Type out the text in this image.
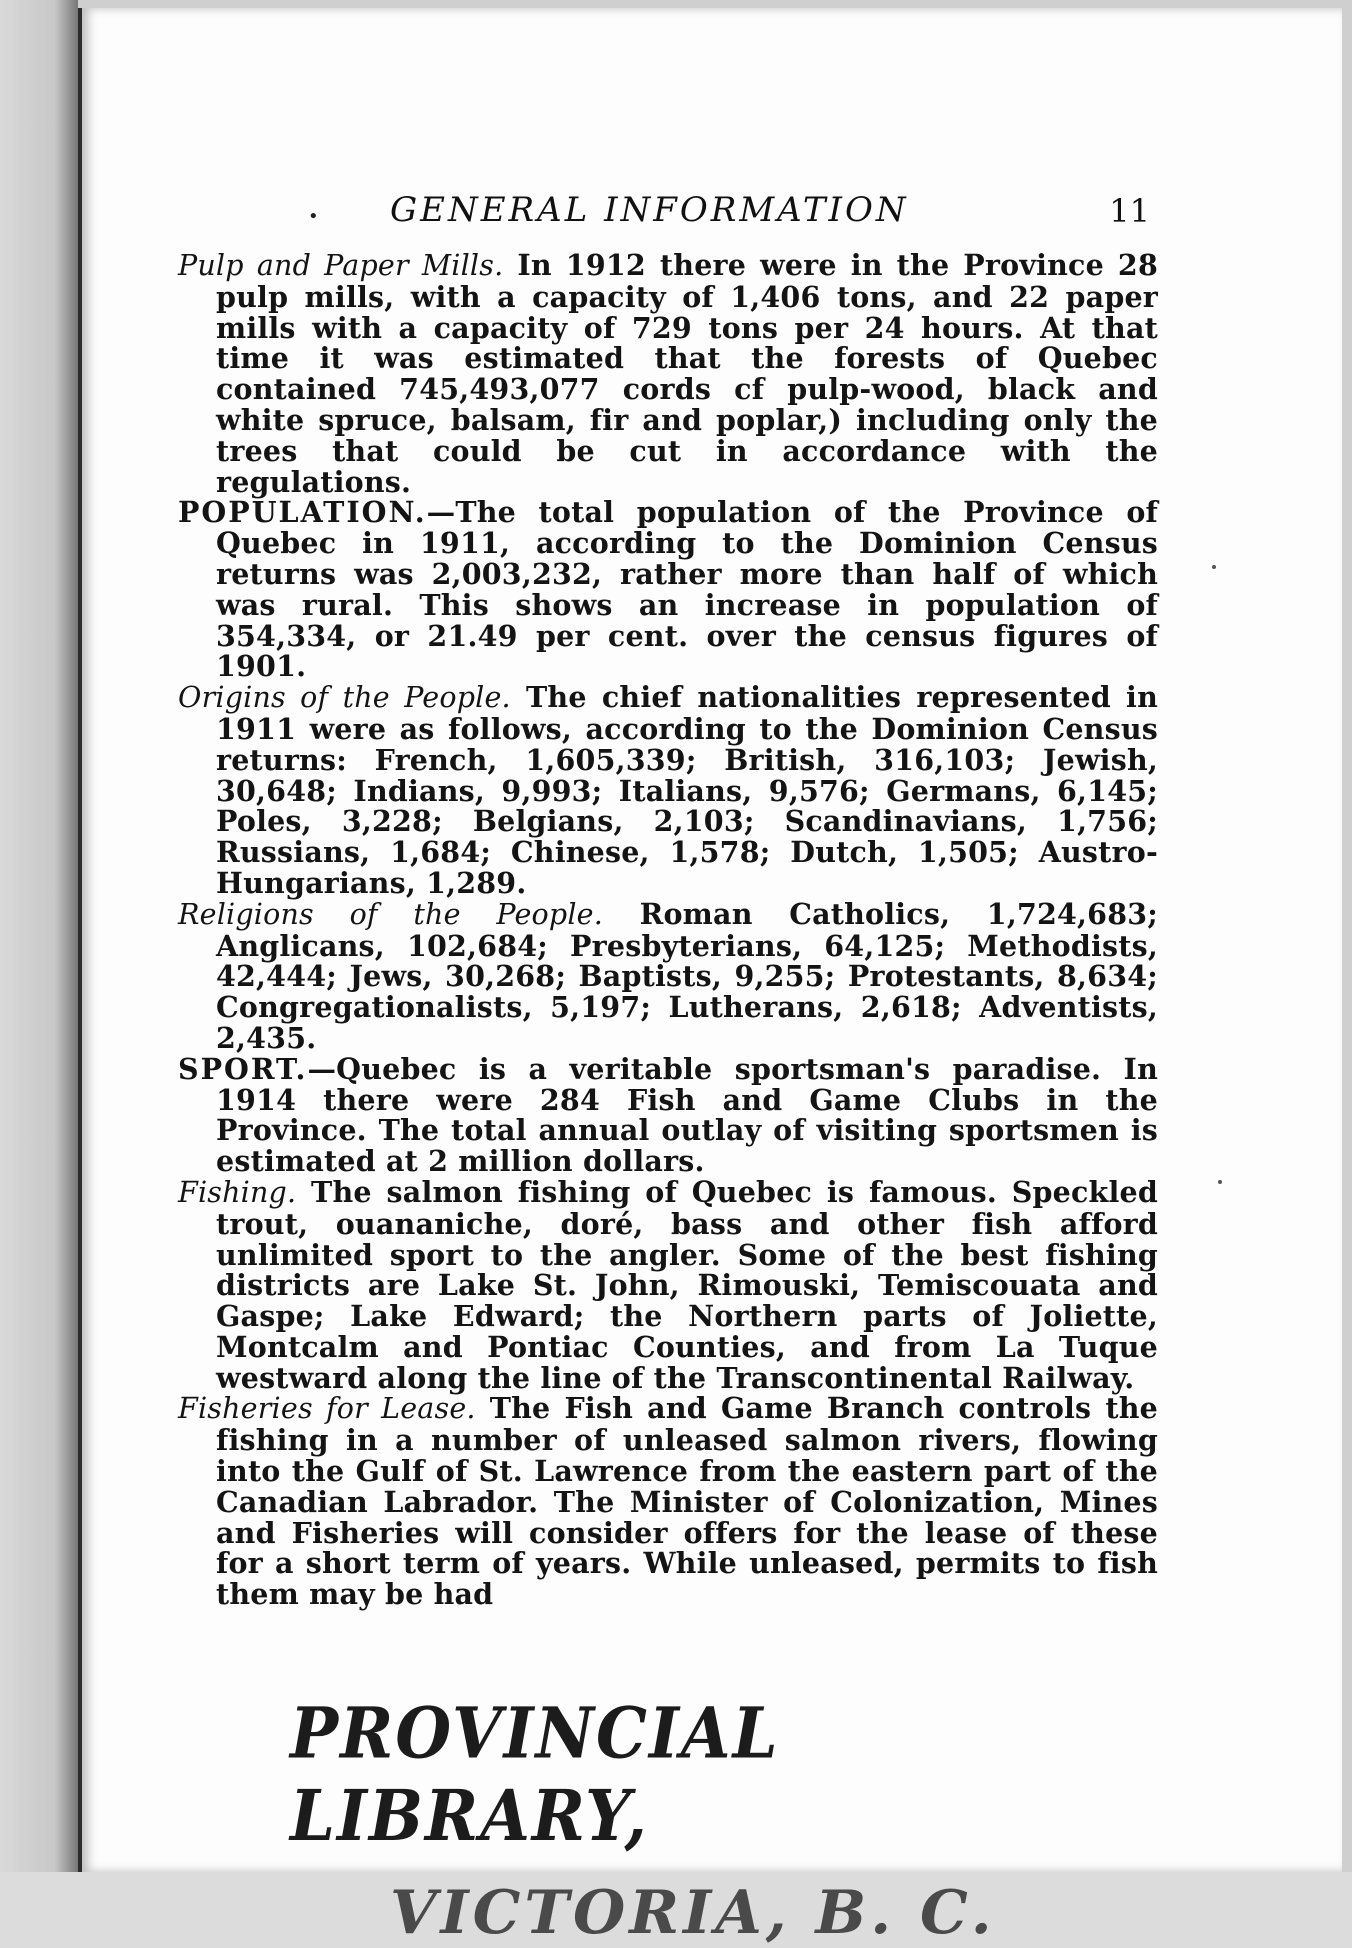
• GENERAL INFORMATION	11

Pulp and Paper Mills. In 1912 there were in the Province 28 pulp mills, with a capacity of 1,406 tons, and 22 paper mills with a capacity of 729 tons per 24 hours. At that time it was estimated that the forests of Quebec contained 745,493,077 cords cf pulp-wood, black and white spruce, balsam, fir and poplar,) including only the trees that could be cut in accordance with the regulations.

POPULATION.—The total population of the Province of Quebec in 1911, according to the Dominion Census returns was 2,003,232, rather more than half of which was rural. This shows an increase in population of 354,334, or 21.49 per cent. over the census figures of 1901.

Origins of the People. The chief nationalities represented in 1911 were as follows, according to the Dominion Census returns: French, 1,605,339; British, 316,103; Jewish, 30,648; Indians, 9,993; Italians, 9,576; Germans, 6,145; Poles, 3,228; Belgians, 2,103; Scandinavians, 1,756; Russians, 1,684; Chinese, 1,578; Dutch, 1,505; Austro-Hungarians, 1,289.

Religions of the People. Roman Catholics, 1,724,683; Anglicans, 102,684; Presbyterians, 64,125; Methodists, 42,444; Jews, 30,268; Baptists, 9,255; Protestants, 8,634; Congregationalists, 5,197; Lutherans, 2,618; Adventists, 2,435.

SPORT.—Quebec is a veritable sportsman's paradise. In 1914 there were 284 Fish and Game Clubs in the Province. The total annual outlay of visiting sportsmen is estimated at 2 million dollars.

Fishing. The salmon fishing of Quebec is famous. Speckled trout, ouananiche, doré, bass and other fish afford unlimited sport to the angler. Some of the best fishing districts are Lake St. John, Rimouski, Temiscouata and Gaspe; Lake Edward; the Northern parts of Joliette, Montcalm and Pontiac Counties, and from La Tuque westward along the line of the Transcontinental Railway.

Fisheries for Lease. The Fish and Game Branch controls the fishing in a number of unleased salmon rivers, flowing into the Gulf of St. Lawrence from the eastern part of the Canadian Labrador. The Minister of Colonization, Mines and Fisheries will consider offers for the lease of these for a short term of years. While unleased, permits to fish them may be had

PROVINCIAL LIBRARY,
VICTORIA, B. C.
